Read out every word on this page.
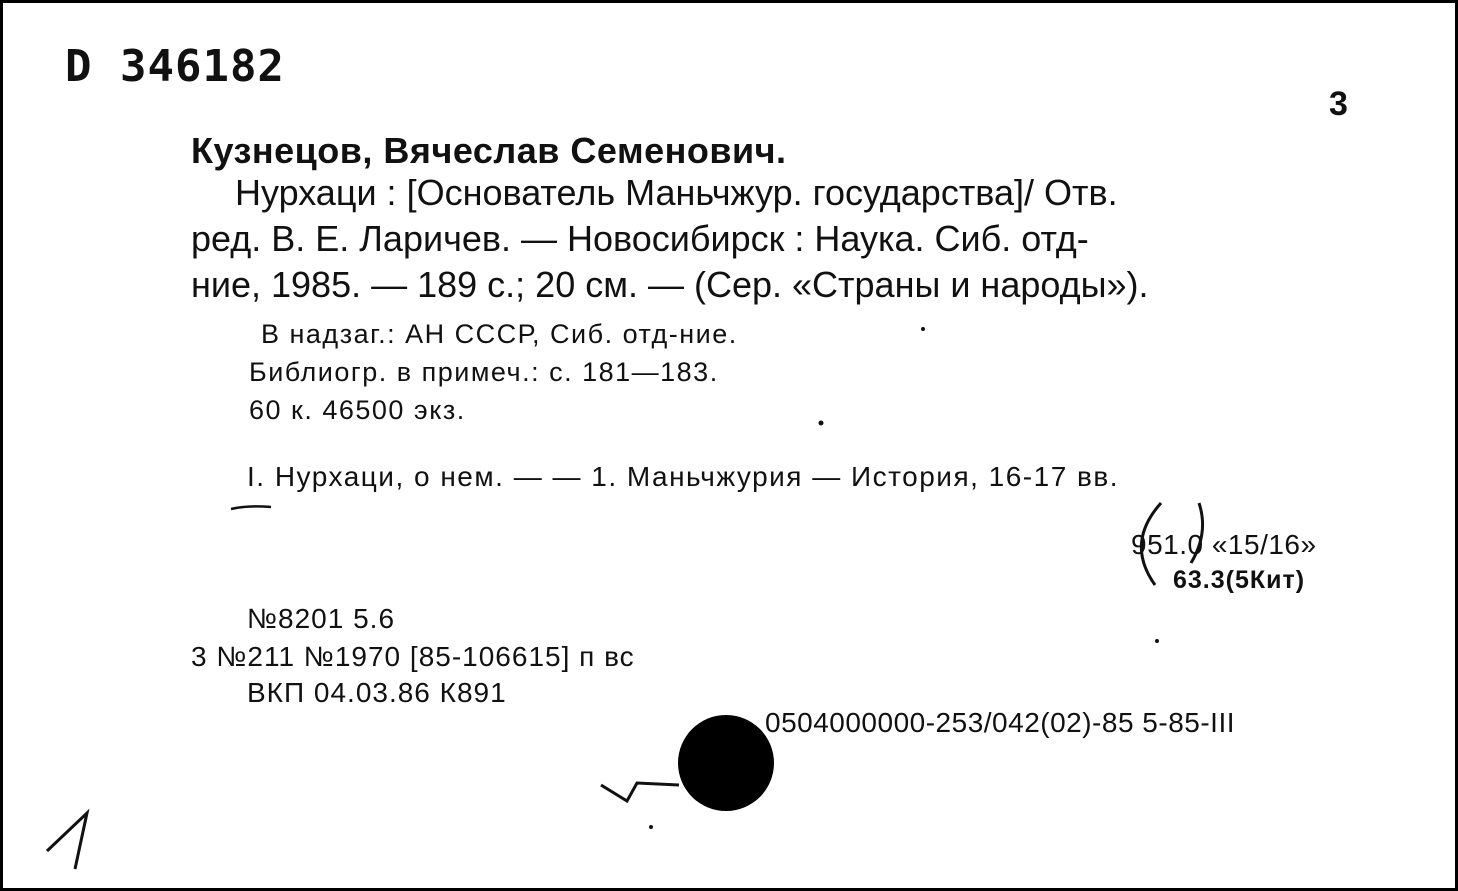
D 346182
3
Кузнецов, Вячеслав Семенович.
Нурхаци : [Основатель Маньчжур. государства]/ Отв.
ред. В. Е. Ларичев. — Новосибирск : Наука. Сиб. отд-
ние, 1985. — 189 с.; 20 см. — (Сер. «Страны и народы»).
В надзаг.: АН СССР, Сиб. отд-ние.
Библиогр. в примеч.: с. 181—183.
60 к. 46500 экз.
I. Нурхаци, о нем. — — 1. Маньчжурия — История, 16-17 вв.
951.0 «15/16»
63.3(5Кит)
№8201 5.6
3 №211 №1970 [85-106615] п вс
ВКП 04.03.86 К891
0504000000-253/042(02)-85 5-85-III
